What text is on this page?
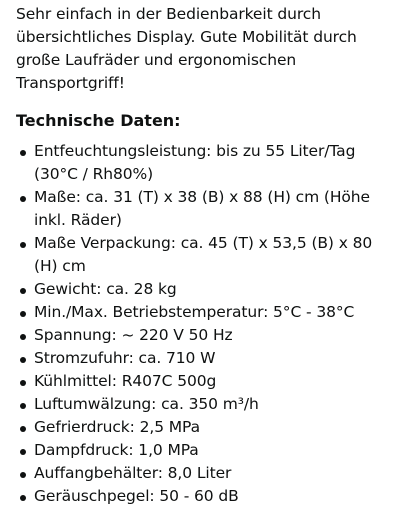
Sehr einfach in der Bedienbarkeit durch übersichtliches Display. Gute Mobilität durch große Laufräder und ergonomischen Transportgriff!

Technische Daten:
Entfeuchtungsleistung: bis zu 55 Liter/Tag (30°C / Rh80%)
Maße: ca. 31 (T) x 38 (B) x 88 (H) cm (Höhe inkl. Räder)
Maße Verpackung: ca. 45 (T) x 53,5 (B) x 80 (H) cm
Gewicht: ca. 28 kg
Min./Max. Betriebstemperatur: 5°C - 38°C
Spannung: ~ 220 V 50 Hz
Stromzufuhr: ca. 710 W
Kühlmittel: R407C 500g
Luftumwälzung: ca. 350 m³/h
Gefrierdruck: 2,5 MPa
Dampfdruck: 1,0 MPa
Auffangbehälter: 8,0 Liter
Geräuschpegel: 50 - 60 dB
